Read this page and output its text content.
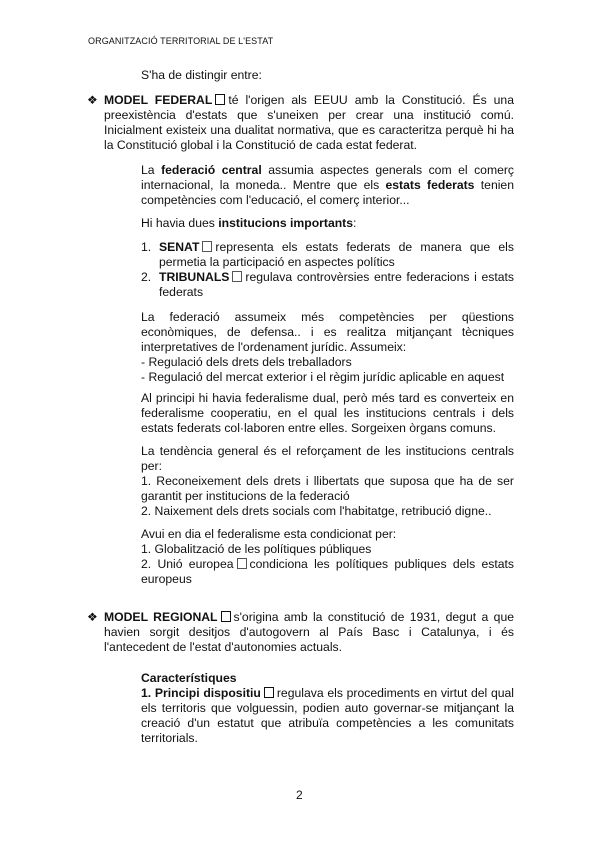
ORGANITZACIÓ TERRITORIAL DE L'ESTAT
S'ha de distingir entre:
❖ MODEL FEDERAL té l'origen als EEUU amb la Constitució. És una preexistència d'estats que s'uneixen per crear una institució comú. Inicialment existeix una dualitat normativa, que es caracteritza perquè hi ha la Constitució global i la Constitució de cada estat federat.
La federació central assumia aspectes generals com el comerç internacional, la moneda.. Mentre que els estats federats tenien competències com l'educació, el comerç interior...
Hi havia dues institucions importants:
1. SENAT representa els estats federats de manera que els permetia la participació en aspectes polítics
2. TRIBUNALS regulava controvèrsies entre federacions i estats federats
La federació assumeix més competències per qüestions econòmiques, de defensa.. i es realitza mitjançant tècniques interpretatives de l'ordenament jurídic. Assumeix:
- Regulació dels drets dels treballadors
- Regulació del mercat exterior i el règim jurídic aplicable en aquest
Al principi hi havia federalisme dual, però més tard es converteix en federalisme cooperatiu, en el qual les institucions centrals i dels estats federats col·laboren entre elles. Sorgeixen òrgans comuns.
La tendència general és el reforçament de les institucions centrals per:
1. Reconeixement dels drets i llibertats que suposa que ha de ser garantit per institucions de la federació
2. Naixement dels drets socials com l'habitatge, retribució digne..
Avui en dia el federalisme esta condicionat per:
1. Globalització de les polítiques públiques
2. Unió europea condiciona les polítiques publiques dels estats europeus
❖ MODEL REGIONAL s'origina amb la constitució de 1931, degut a que havien sorgit desitjos d'autogovern al País Basc i Catalunya, i és l'antecedent de l'estat d'autonomies actuals.
Característiques
1. Principi dispositiu regulava els procediments en virtut del qual els territoris que volguessin, podien auto governar-se mitjançant la creació d'un estatut que atribuïa competències a les comunitats territorials.
2
